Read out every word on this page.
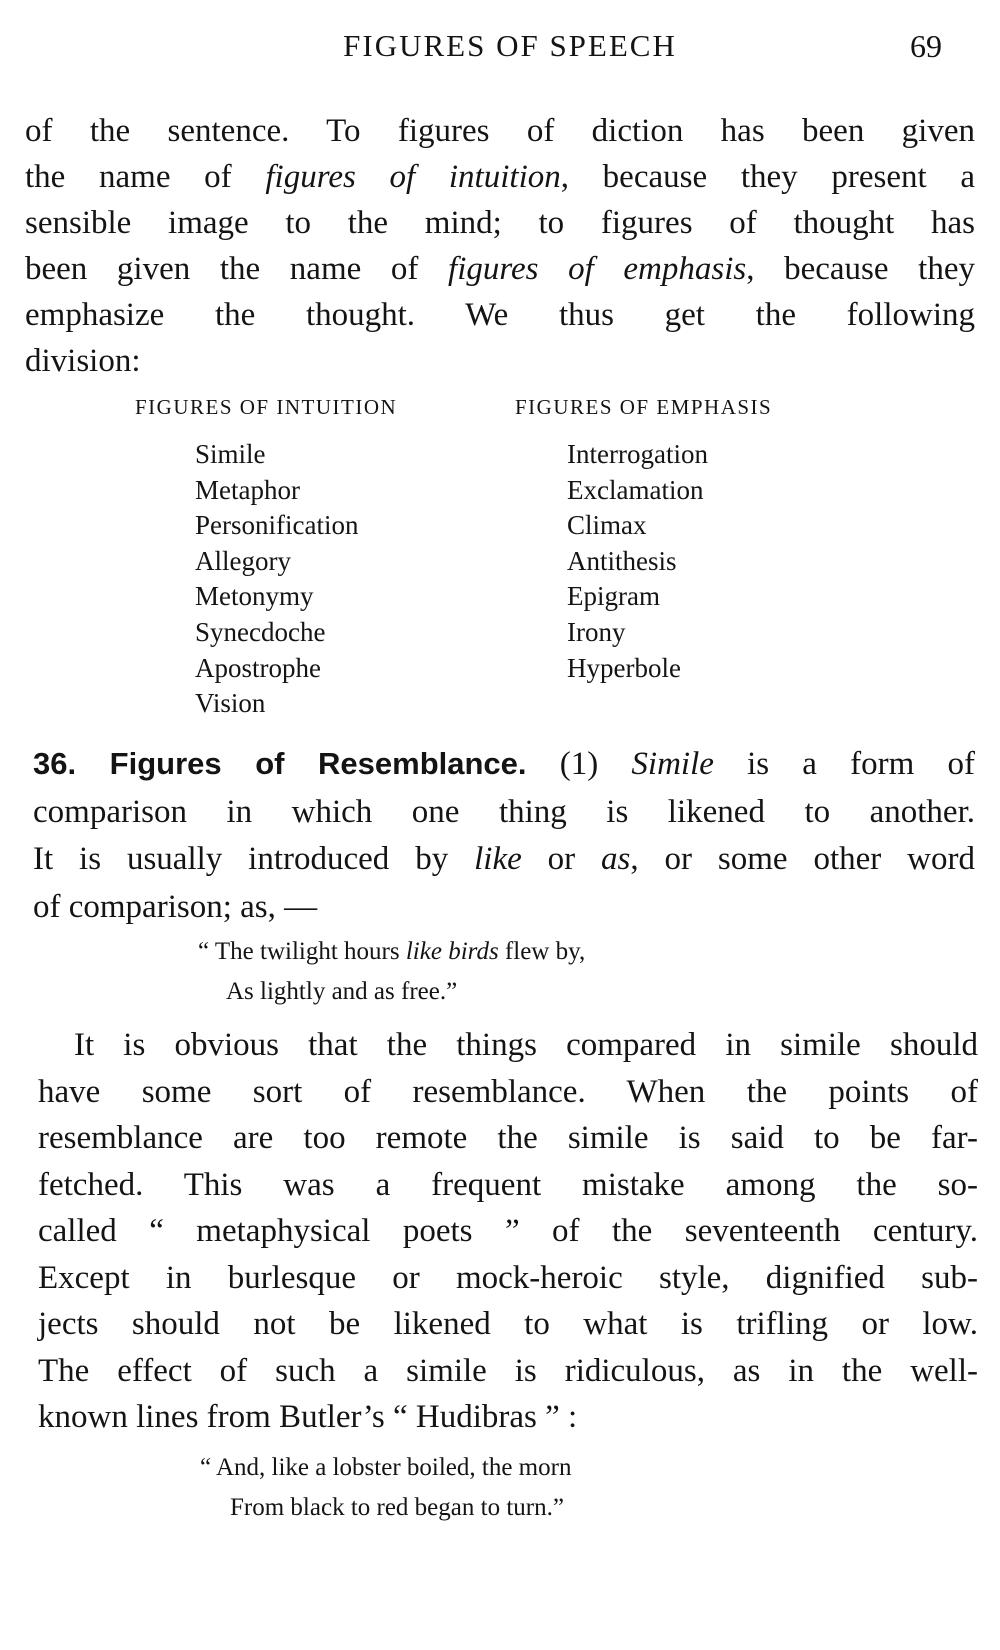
FIGURES OF SPEECH	69
of the sentence. To figures of diction has been given
the name of figures of intuition, because they present a
sensible image to the mind; to figures of thought has
been given the name of figures of emphasis, because they
emphasize the thought. We thus get the following
division:
FIGURES OF INTUITION
Simile
Metaphor
Personification
Allegory
Metonymy
Synecdoche
Apostrophe
Vision
FIGURES OF EMPHASIS
Interrogation
Exclamation
Climax
Antithesis
Epigram
Irony
Hyperbole
36. Figures of Resemblance. (1) Simile is a form of
comparison in which one thing is likened to another.
It is usually introduced by like or as, or some other word
of comparison; as, —
“ The twilight hours like birds flew by,
As lightly and as free.”
It is obvious that the things compared in simile should
have some sort of resemblance. When the points of
resemblance are too remote the simile is said to be far-
fetched. This was a frequent mistake among the so-
called “ metaphysical poets ” of the seventeenth century.
Except in burlesque or mock-heroic style, dignified sub-
jects should not be likened to what is trifling or low.
The effect of such a simile is ridiculous, as in the well-
known lines from Butler’s “ Hudibras ” :
“ And, like a lobster boiled, the morn
From black to red began to turn.”
